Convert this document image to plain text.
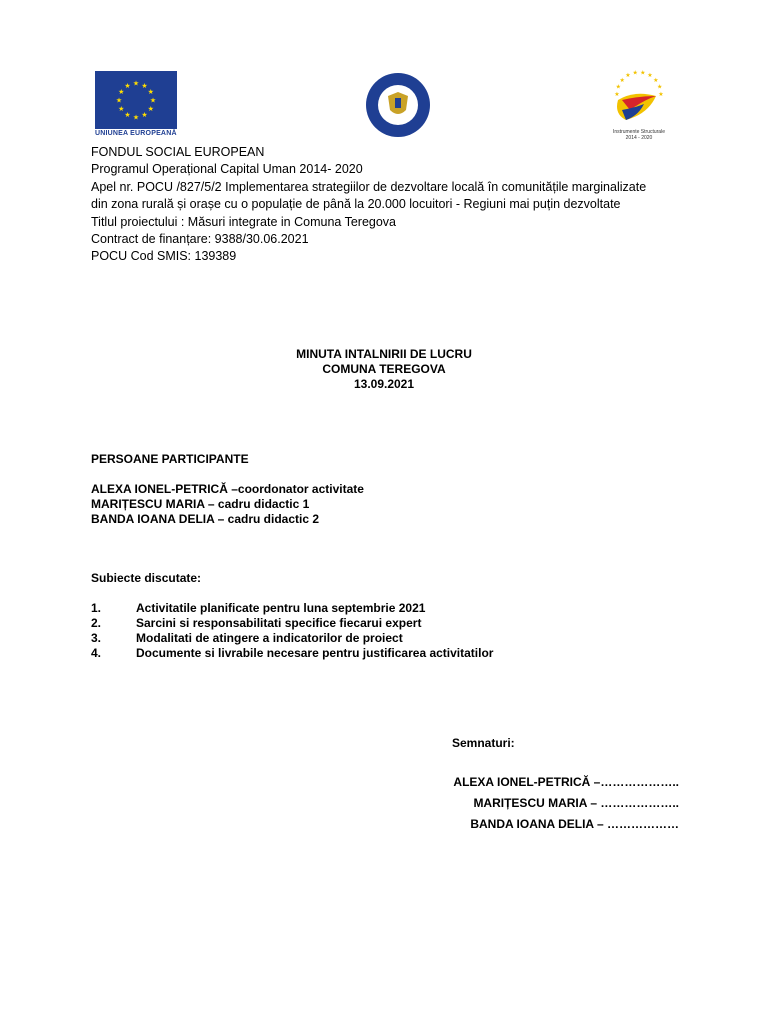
★
★
★
★
★
★
★
★
★ ★ ★
★
UNIUNEA EUROPEANĂ
★
★
★
★ ★ ★ ★
★
★
★
Instrumente Structurale
2014 - 2020
FONDUL SOCIAL EUROPEAN
Programul Operațional Capital Uman 2014- 2020
Apel nr. POCU /827/5/2 Implementarea strategiilor de dezvoltare locală în comunitățile marginalizate
din zona rurală și orașe cu o populație de până la 20.000 locuitori - Regiuni mai puțin dezvoltate
Titlul proiectului : Măsuri integrate in Comuna Teregova
Contract de finanțare: 9388/30.06.2021
POCU Cod SMIS: 139389
MINUTA INTALNIRII DE LUCRU
COMUNA TEREGOVA
13.09.2021
PERSOANE PARTICIPANTE
ALEXA IONEL-PETRICĂ –coordonator activitate
MARIȚESCU MARIA – cadru didactic 1
BANDA IOANA DELIA – cadru didactic 2
Subiecte discutate:
1.	Activitatile planificate pentru luna septembrie 2021
2.	Sarcini si responsabilitati specifice fiecarui expert
3.	Modalitati de atingere a indicatorilor de proiect
4.	Documente si livrabile necesare pentru justificarea activitatilor
Semnaturi:
ALEXA IONEL-PETRICĂ –………………..
MARIȚESCU MARIA – ………………..
BANDA IOANA DELIA – ………………
